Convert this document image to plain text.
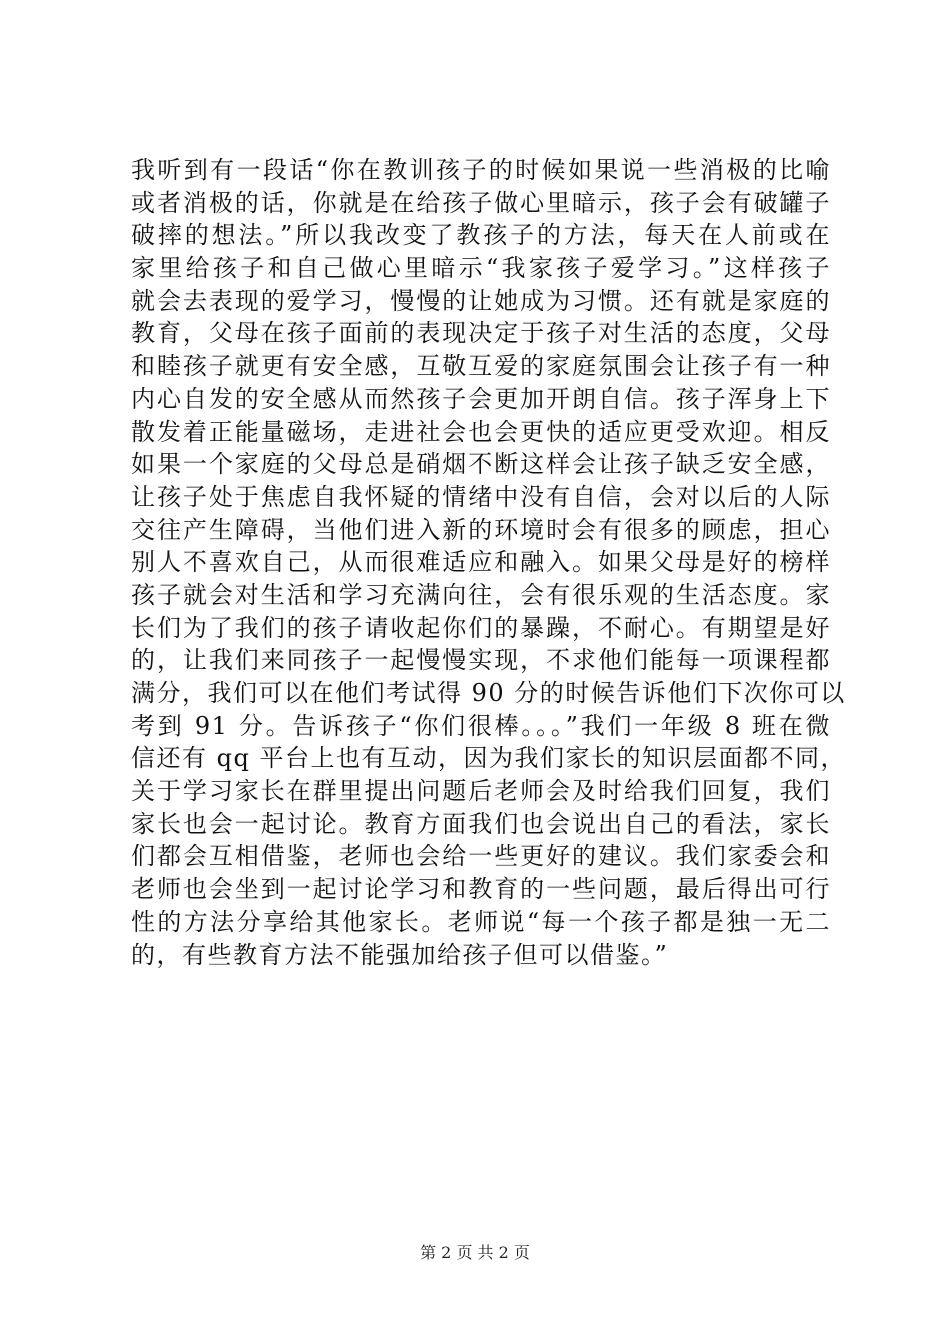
我听到有一段话“你在教训孩子的时候如果说一些消极的比喻
或者消极的话，你就是在给孩子做心里暗示，孩子会有破罐子
破摔的想法。”所以我改变了教孩子的方法，每天在人前或在
家里给孩子和自己做心里暗示“我家孩子爱学习。”这样孩子
就会去表现的爱学习，慢慢的让她成为习惯。还有就是家庭的
教育，父母在孩子面前的表现决定于孩子对生活的态度，父母
和睦孩子就更有安全感，互敬互爱的家庭氛围会让孩子有一种
内心自发的安全感从而然孩子会更加开朗自信。孩子浑身上下
散发着正能量磁场，走进社会也会更快的适应更受欢迎。相反
如果一个家庭的父母总是硝烟不断这样会让孩子缺乏安全感，
让孩子处于焦虑自我怀疑的情绪中没有自信，会对以后的人际
交往产生障碍，当他们进入新的环境时会有很多的顾虑，担心
别人不喜欢自己，从而很难适应和融入。如果父母是好的榜样
孩子就会对生活和学习充满向往，会有很乐观的生活态度。家
长们为了我们的孩子请收起你们的暴躁，不耐心。有期望是好
的，让我们来同孩子一起慢慢实现，不求他们能每一项课程都
满分，我们可以在他们考试得 90 分的时候告诉他们下次你可以
考到 91 分。告诉孩子“你们很棒。。。”我们一年级 8 班在微
信还有 qq 平台上也有互动，因为我们家长的知识层面都不同，
关于学习家长在群里提出问题后老师会及时给我们回复，我们
家长也会一起讨论。教育方面我们也会说出自己的看法，家长
们都会互相借鉴，老师也会给一些更好的建议。我们家委会和
老师也会坐到一起讨论学习和教育的一些问题，最后得出可行
性的方法分享给其他家长。老师说“每一个孩子都是独一无二
的，有些教育方法不能强加给孩子但可以借鉴。”
第 2 页 共 2 页
